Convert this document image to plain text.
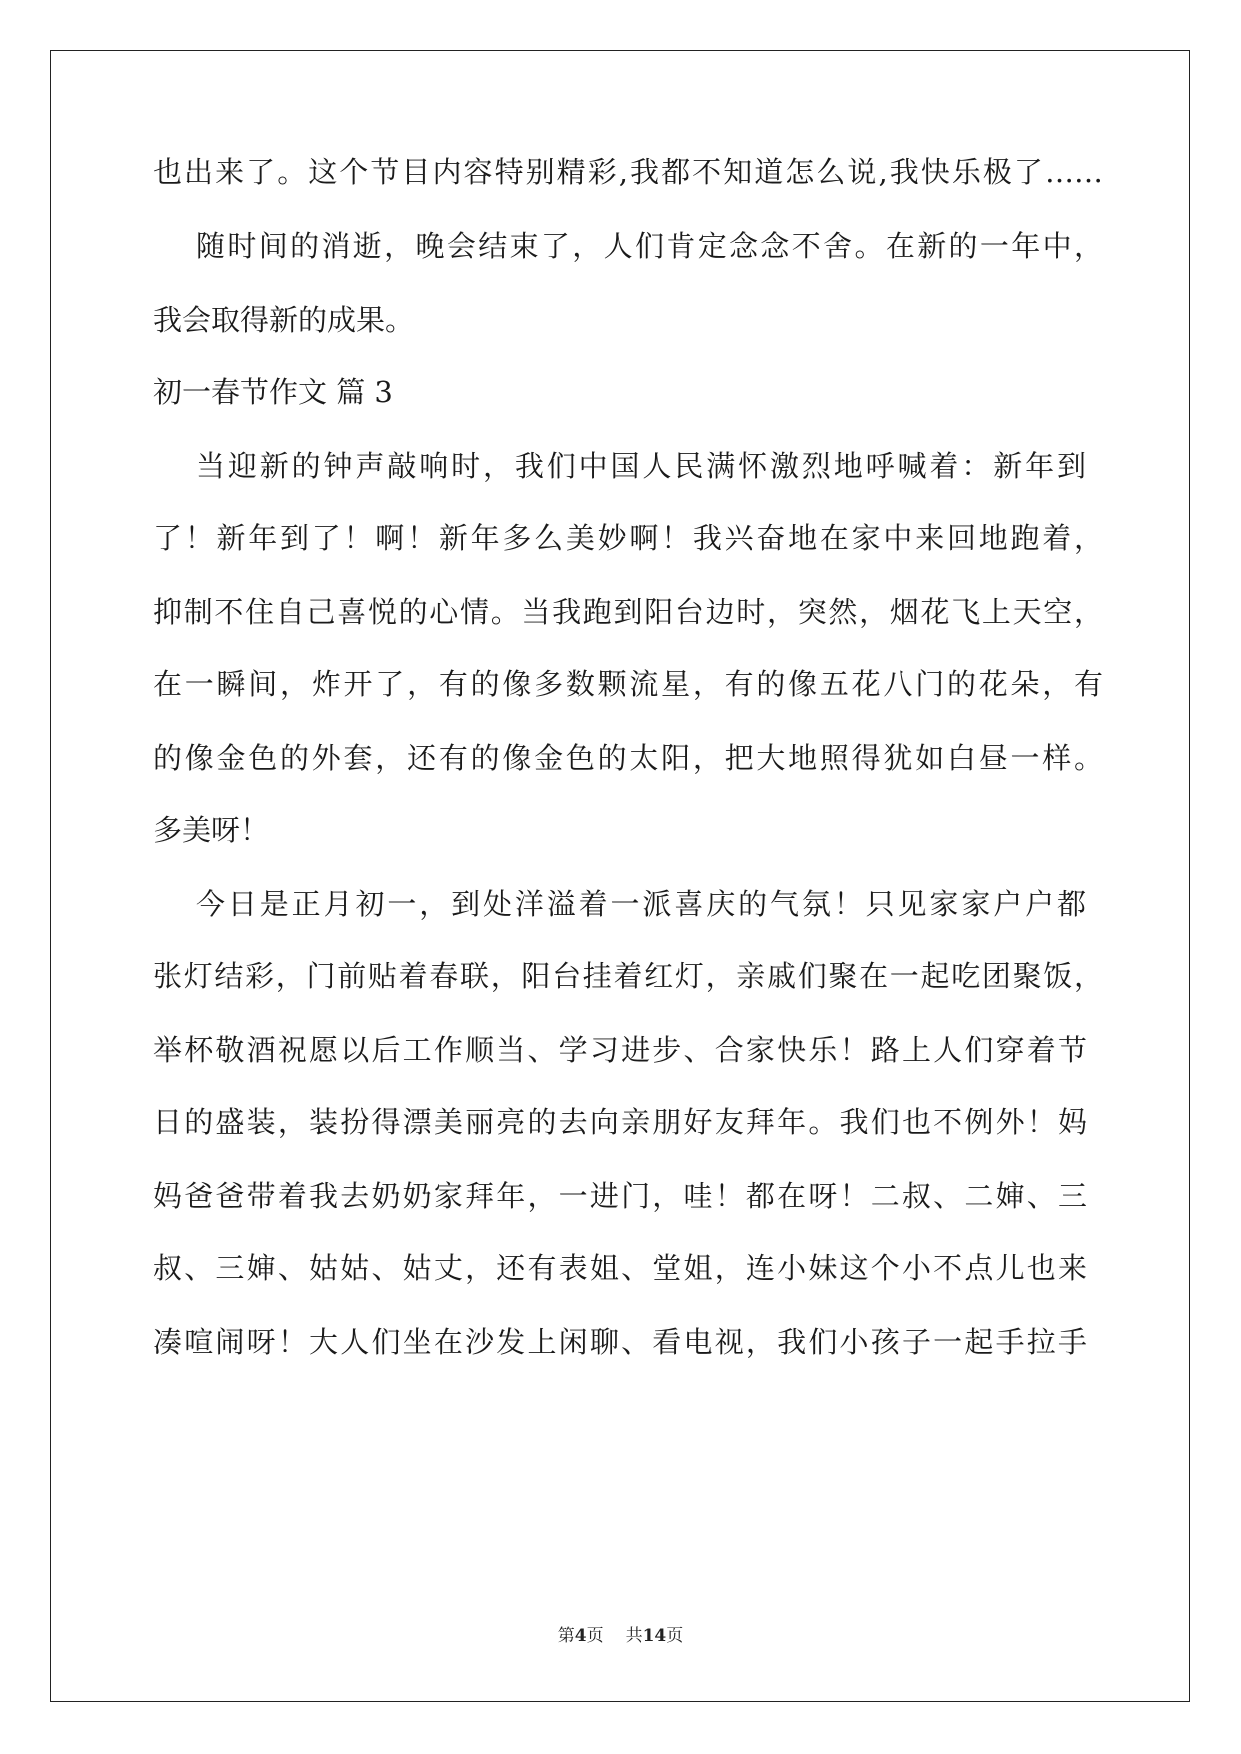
也出来了。这个节目内容特别精彩,我都不知道怎么说,我快乐极了……
随时间的消逝，晚会结束了，人们肯定念念不舍。在新的一年中，
我会取得新的成果。
初一春节作文 篇 3
当迎新的钟声敲响时，我们中国人民满怀激烈地呼喊着：新年到
了！新年到了！啊！新年多么美妙啊！我兴奋地在家中来回地跑着，
抑制不住自己喜悦的心情。当我跑到阳台边时，突然，烟花飞上天空，
在一瞬间，炸开了，有的像多数颗流星，有的像五花八门的花朵，有
的像金色的外套，还有的像金色的太阳，把大地照得犹如白昼一样。
多美呀！
今日是正月初一，到处洋溢着一派喜庆的气氛！只见家家户户都
张灯结彩，门前贴着春联，阳台挂着红灯，亲戚们聚在一起吃团聚饭，
举杯敬酒祝愿以后工作顺当、学习进步、合家快乐！路上人们穿着节
日的盛装，装扮得漂美丽亮的去向亲朋好友拜年。我们也不例外！妈
妈爸爸带着我去奶奶家拜年，一进门，哇！都在呀！二叔、二婶、三
叔、三婶、姑姑、姑丈，还有表姐、堂姐，连小妹这个小不点儿也来
凑喧闹呀！大人们坐在沙发上闲聊、看电视，我们小孩子一起手拉手
第4页 共14页
